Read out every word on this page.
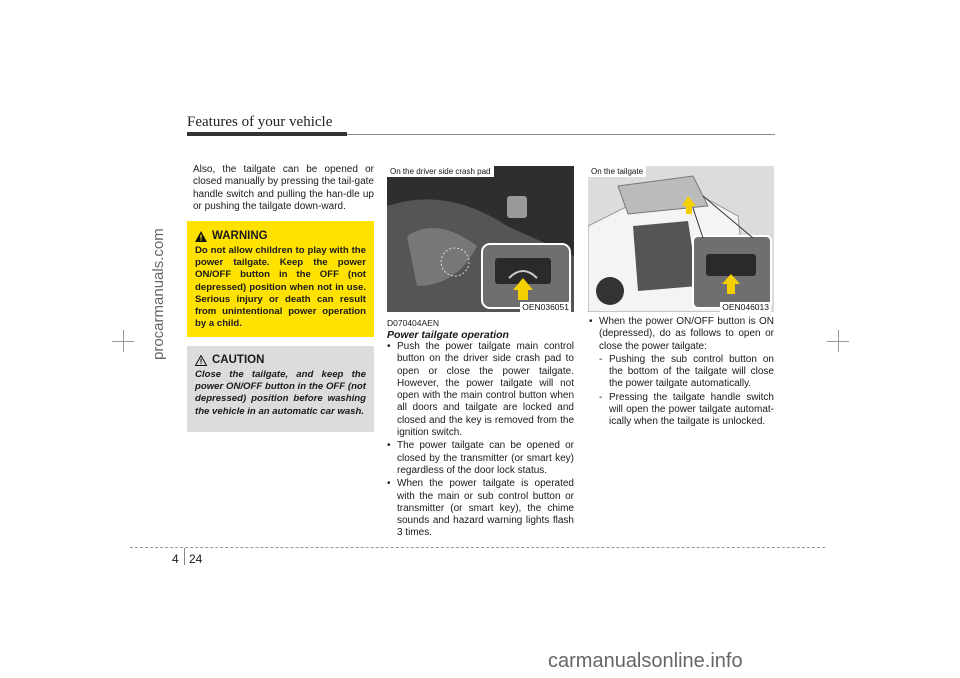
Features of your vehicle
procarmanuals.com
Also, the tailgate can be opened or closed manually by pressing the tail-gate handle switch and pulling the han-dle up or pushing the tailgate down-ward.
WARNING
Do not allow children to play with the power tailgate. Keep the power ON/OFF button in the OFF (not depressed) position when not in use. Serious injury or death can result from unintentional power operation by a child.
CAUTION
Close the tailgate, and keep the power ON/OFF button in the OFF (not depressed) position before washing the vehicle in an automatic car wash.
On the driver side crash pad
OEN036051
D070404AEN
Power tailgate operation
• Push the power tailgate main control button on the driver side crash pad to open or close the power tailgate. However, the power tailgate will not open with the main control button when all doors and tailgate are locked and closed and the key is removed from the ignition switch.
• The power tailgate can be opened or closed by the transmitter (or smart key) regardless of the door lock status.
• When the power tailgate is operated with the main or sub control button or transmitter (or smart key), the chime sounds and hazard warning lights flash 3 times.
On the tailgate
OEN046013
• When the power ON/OFF button is ON (depressed), do as follows to open or close the power tailgate:
- Pushing the sub control button on the bottom of the tailgate will close the power tailgate automatically.
- Pressing the tailgate handle switch will open the power tailgate automat-ically when the tailgate is unlocked.
4 24
carmanualsonline.info
